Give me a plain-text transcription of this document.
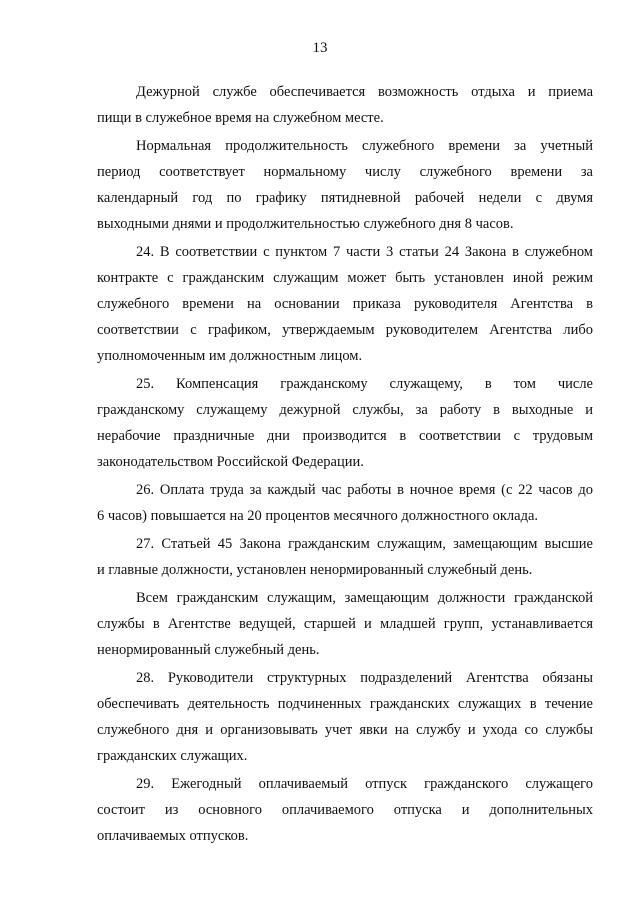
13
Дежурной службе обеспечивается возможность отдыха и приема
пищи в служебное время на служебном месте.
Нормальная продолжительность служебного времени за учетный
период соответствует нормальному числу служебного времени за
календарный год по графику пятидневной рабочей недели с двумя
выходными днями и продолжительностью служебного дня 8 часов.
24. В соответствии с пунктом 7 части 3 статьи 24 Закона в служебном
контракте с гражданским служащим может быть установлен иной режим
служебного времени на основании приказа руководителя Агентства в
соответствии с графиком, утверждаемым руководителем Агентства либо
уполномоченным им должностным лицом.
25. Компенсация гражданскому служащему, в том числе
гражданскому служащему дежурной службы, за работу в выходные и
нерабочие праздничные дни производится в соответствии с трудовым
законодательством Российской Федерации.
26. Оплата труда за каждый час работы в ночное время (с 22 часов до
6 часов) повышается на 20 процентов месячного должностного оклада.
27. Статьей 45 Закона гражданским служащим, замещающим высшие
и главные должности, установлен ненормированный служебный день.
Всем гражданским служащим, замещающим должности гражданской
службы в Агентстве ведущей, старшей и младшей групп, устанавливается
ненормированный служебный день.
28. Руководители структурных подразделений Агентства обязаны
обеспечивать деятельность подчиненных гражданских служащих в течение
служебного дня и организовывать учет явки на службу и ухода со службы
гражданских служащих.
29. Ежегодный оплачиваемый отпуск гражданского служащего
состоит из основного оплачиваемого отпуска и дополнительных
оплачиваемых отпусков.
